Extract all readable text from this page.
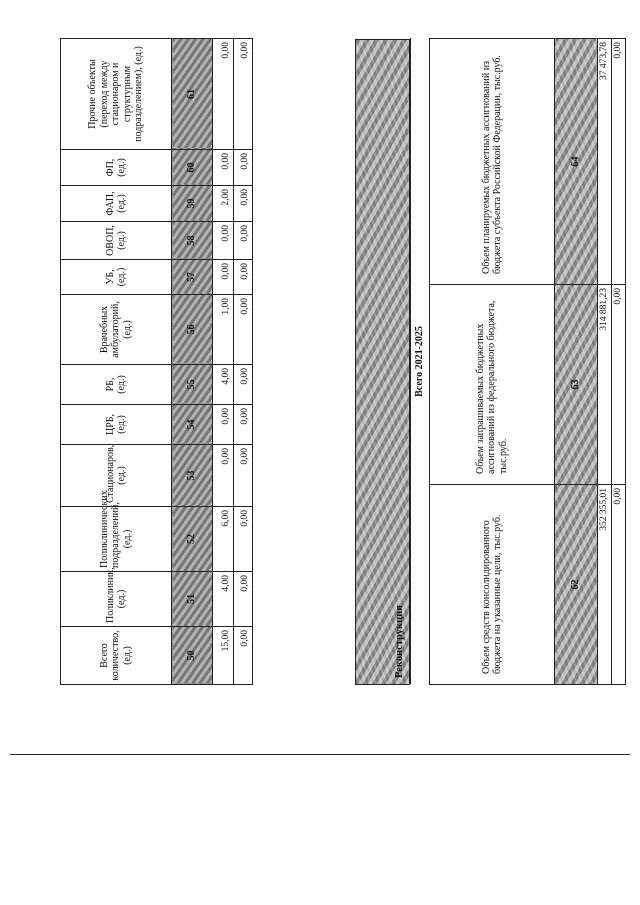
Всего количество, (ед.)	Поликлиник, (ед.)	Поликлинических подразделений, (ед.)	Стационаров, (ед.)	ЦРБ, (ед.)	РБ, (ед.)	Врачебных амбулаторий, (ед.)	УБ, (ед.)	ОВОП, (ед.)	ФАП, (ед.)	ФП, (ед.)	Прочие объекты (переход между стационаром и структурным подразделением), (ед.)
50	51	52	53	54	55	56	57	58	59	60	61
15,00	4,00	6,00	0,00	0,00	4,00	1,00	0,00	0,00	2,00	0,00	0,00
0,00	0,00	0,00	0,00	0,00	0,00	0,00	0,00	0,00	0,00	0,00	0,00
Реконструкция
Всего 2021-2025		
Объем средств консолидированного бюджета на указанные цели, тыс.руб.	Объем запрашиваемых бюджетных ассигнований из федерального бюджета, тыс.руб.	Объем планируемых бюджетных ассигнований из бюджета субъекта Российской Федерации, тыс.руб.
62	63	64
352 355,01	314 881,23	37 473,78
0,00	0,00	0,00
